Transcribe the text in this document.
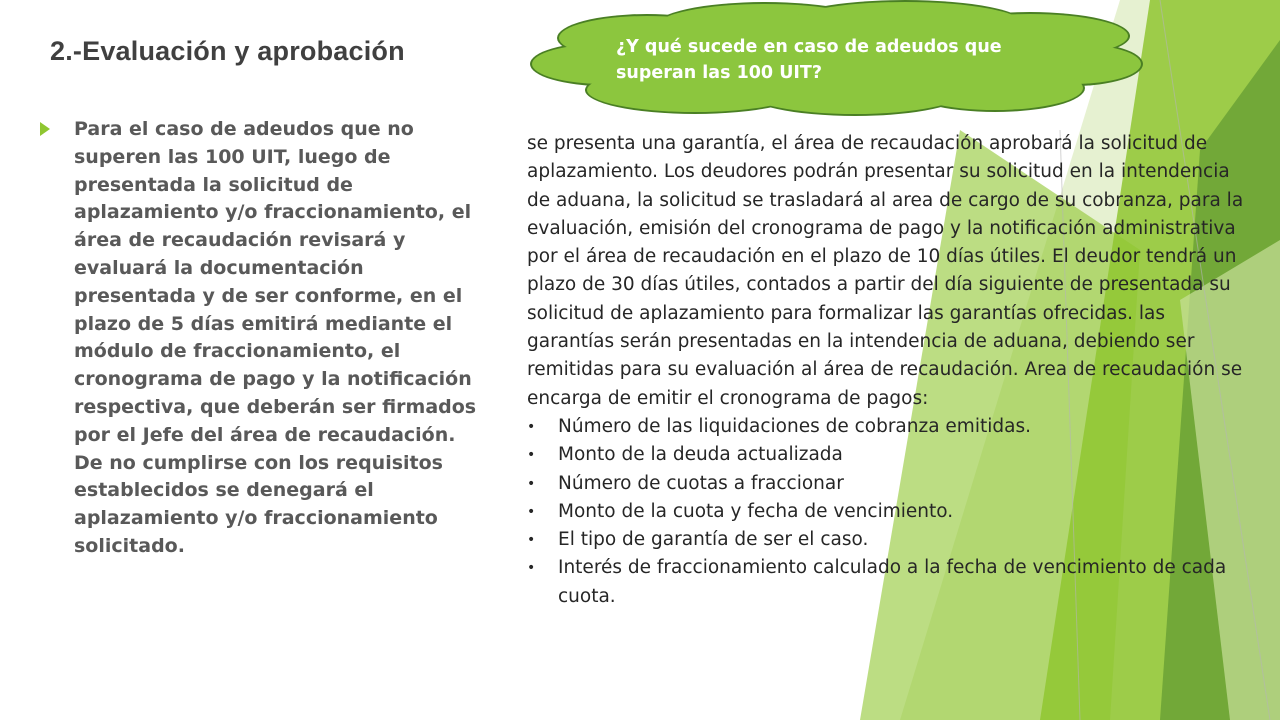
2.-Evaluación y aprobación

Para el caso de adeudos que no superen las 100 UIT, luego de presentada la solicitud de aplazamiento y/o fraccionamiento, el área de recaudación revisará y evaluará la documentación presentada y de ser conforme, en el plazo de 5 días emitirá mediante el módulo de fraccionamiento, el cronograma de pago y la notificación respectiva, que deberán ser firmados por el Jefe del área de recaudación. De no cumplirse con los requisitos establecidos se denegará el aplazamiento y/o fraccionamiento solicitado.

¿Y qué sucede en caso de adeudos que superan las 100 UIT?

se presenta una garantía, el área de recaudación aprobará la solicitud de aplazamiento. Los deudores podrán presentar su solicitud en la intendencia de aduana, la solicitud se trasladará al area de cargo de su cobranza, para la evaluación, emisión del cronograma de pago y la notificación administrativa por el área de recaudación en el plazo de 10 días útiles. El deudor tendrá un plazo de 30 días útiles, contados a partir del día siguiente de presentada su solicitud de aplazamiento para formalizar las garantías ofrecidas. las garantías serán presentadas en la intendencia de aduana, debiendo ser remitidas para su evaluación al área de recaudación. Area de recaudación se encarga de emitir el cronograma de pagos:

• Número de las liquidaciones de cobranza emitidas.
• Monto de la deuda actualizada
• Número de cuotas a fraccionar
• Monto de la cuota y fecha de vencimiento.
• El tipo de garantía de ser el caso.
• Interés de fraccionamiento calculado a la fecha de vencimiento de cada cuota.
